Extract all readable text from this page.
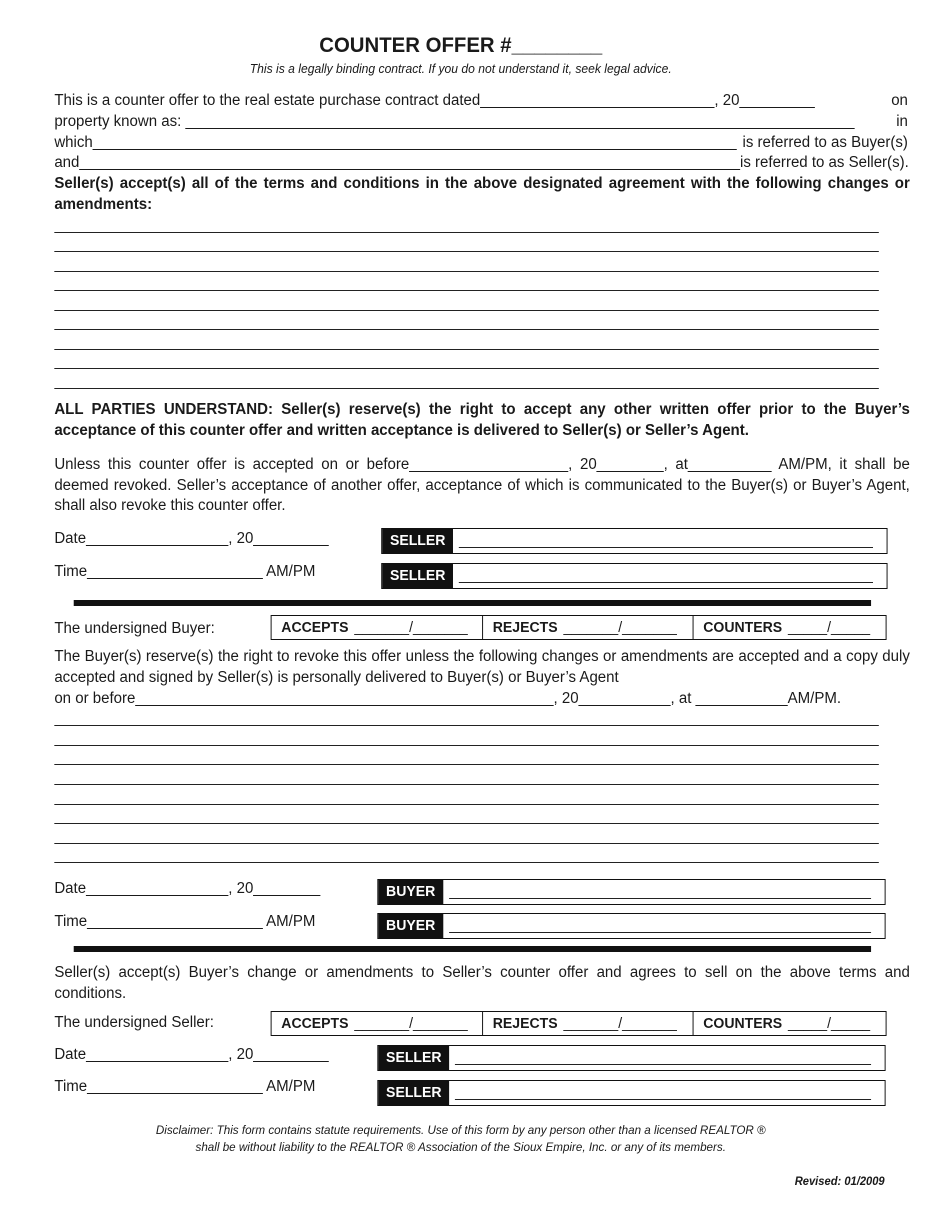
COUNTER OFFER #________
This is a legally binding contract. If you do not understand it, seek legal advice.
This is a counter offer to the real estate purchase contract dated____________________________, 20_________	on
property known as: ________________________________________________________________________________	in
which_____________________________________________________________________________ is referred to as Buyer(s)
and_______________________________________________________________________________ is referred to as Seller(s).
Seller(s) accept(s) all of the terms and conditions in the above designated agreement with the following changes or amendments:
ALL PARTIES UNDERSTAND: Seller(s) reserve(s) the right to accept any other written offer prior to the Buyer’s acceptance of this counter offer and written acceptance is delivered to Seller(s) or Seller’s Agent.
Unless this counter offer is accepted on or before___________________, 20________, at__________ AM/PM, it shall be deemed revoked. Seller’s acceptance of another offer, acceptance of which is communicated to the Buyer(s) or Buyer’s Agent, shall also revoke this counter offer.
Date_________________, 20_________
Time_____________________ AM/PM
SELLER
SELLER
The undersigned Buyer:	ACCEPTS _______/_______ REJECTS _______/_______ COUNTERS _____/_____
The Buyer(s) reserve(s) the right to revoke this offer unless the following changes or amendments are accepted and a copy duly accepted and signed by Seller(s) is personally delivered to Buyer(s) or Buyer’s Agent
on or before__________________________________________________, 20___________, at ___________AM/PM.
Date_________________, 20________
Time_____________________ AM/PM
BUYER
BUYER
Seller(s) accept(s) Buyer’s change or amendments to Seller’s counter offer and agrees to sell on the above terms and conditions.
The undersigned Seller:	ACCEPTS _______/_______ REJECTS _______/_______ COUNTERS _____/_____
Date_________________, 20_________
Time_____________________ AM/PM
SELLER
SELLER
Disclaimer: This form contains statute requirements. Use of this form by any person other than a licensed REALTOR ®
shall be without liability to the REALTOR ® Association of the Sioux Empire, Inc. or any of its members.
Revised: 01/2009
